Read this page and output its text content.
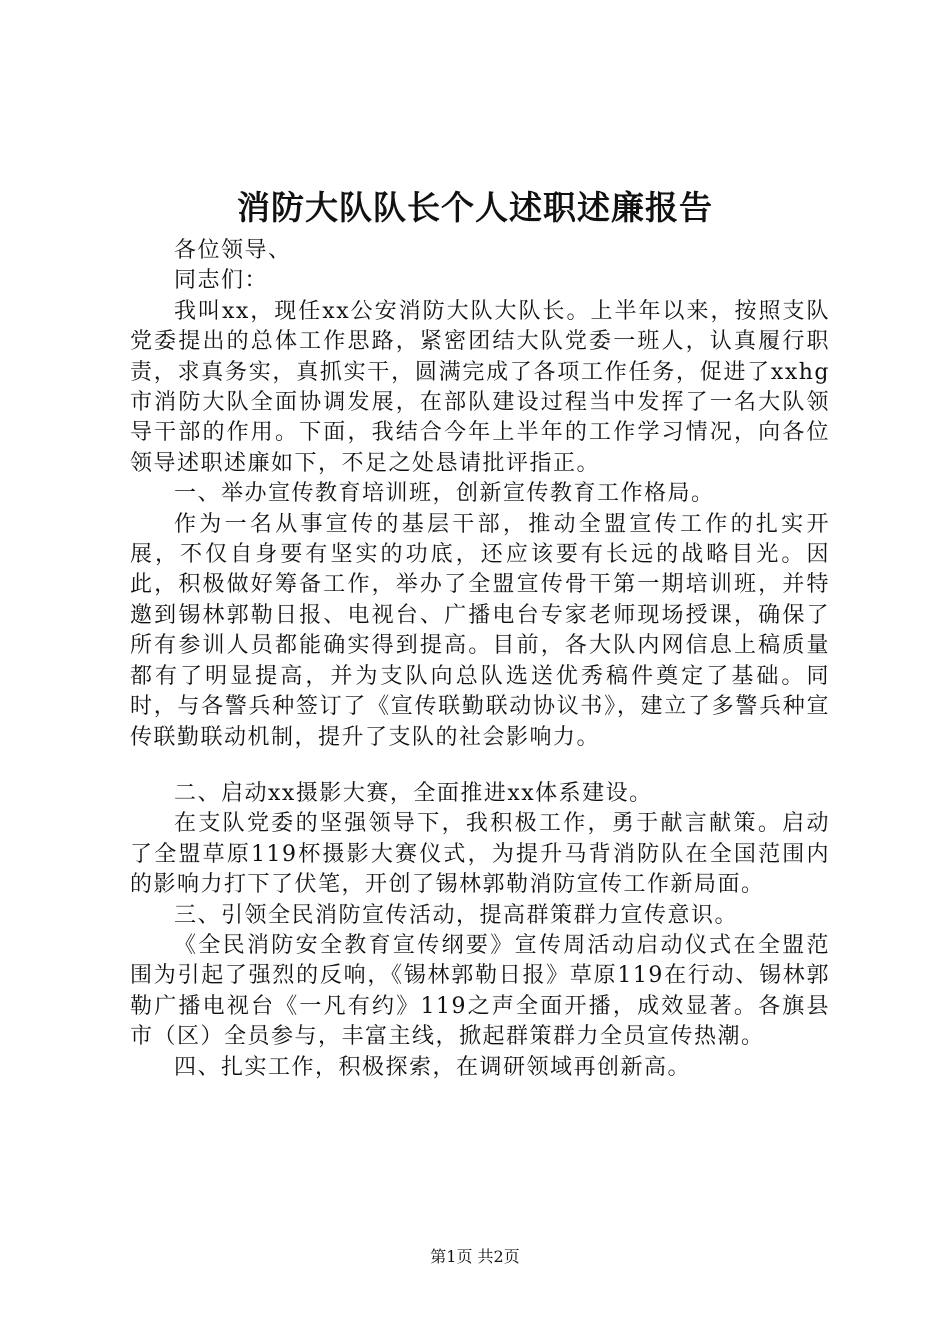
消防大队队长个人述职述廉报告

各位领导、

同志们：

我叫xx，现任xx公安消防大队大队长。上半年以来，按照支队党委提出的总体工作思路，紧密团结大队党委一班人，认真履行职责，求真务实，真抓实干，圆满完成了各项工作任务，促进了xxhg市消防大队全面协调发展，在部队建设过程当中发挥了一名大队领导干部的作用。下面，我结合今年上半年的工作学习情况，向各位领导述职述廉如下，不足之处恳请批评指正。

一、举办宣传教育培训班，创新宣传教育工作格局。

作为一名从事宣传的基层干部，推动全盟宣传工作的扎实开展，不仅自身要有坚实的功底，还应该要有长远的战略目光。因此，积极做好筹备工作，举办了全盟宣传骨干第一期培训班，并特邀到锡林郭勒日报、电视台、广播电台专家老师现场授课，确保了所有参训人员都能确实得到提高。目前，各大队内网信息上稿质量都有了明显提高，并为支队向总队选送优秀稿件奠定了基础。同时，与各警兵种签订了《宣传联勤联动协议书》，建立了多警兵种宣传联勤联动机制，提升了支队的社会影响力。

二、启动xx摄影大赛，全面推进xx体系建设。

在支队党委的坚强领导下，我积极工作，勇于献言献策。启动了全盟草原119杯摄影大赛仪式，为提升马背消防队在全国范围内的影响力打下了伏笔，开创了锡林郭勒消防宣传工作新局面。

三、引领全民消防宣传活动，提高群策群力宣传意识。

《全民消防安全教育宣传纲要》宣传周活动启动仪式在全盟范围为引起了强烈的反响，《锡林郭勒日报》草原119在行动、锡林郭勒广播电视台《一凡有约》119之声全面开播，成效显著。各旗县市（区）全员参与，丰富主线，掀起群策群力全员宣传热潮。

四、扎实工作，积极探索，在调研领域再创新高。

第1页 共2页
